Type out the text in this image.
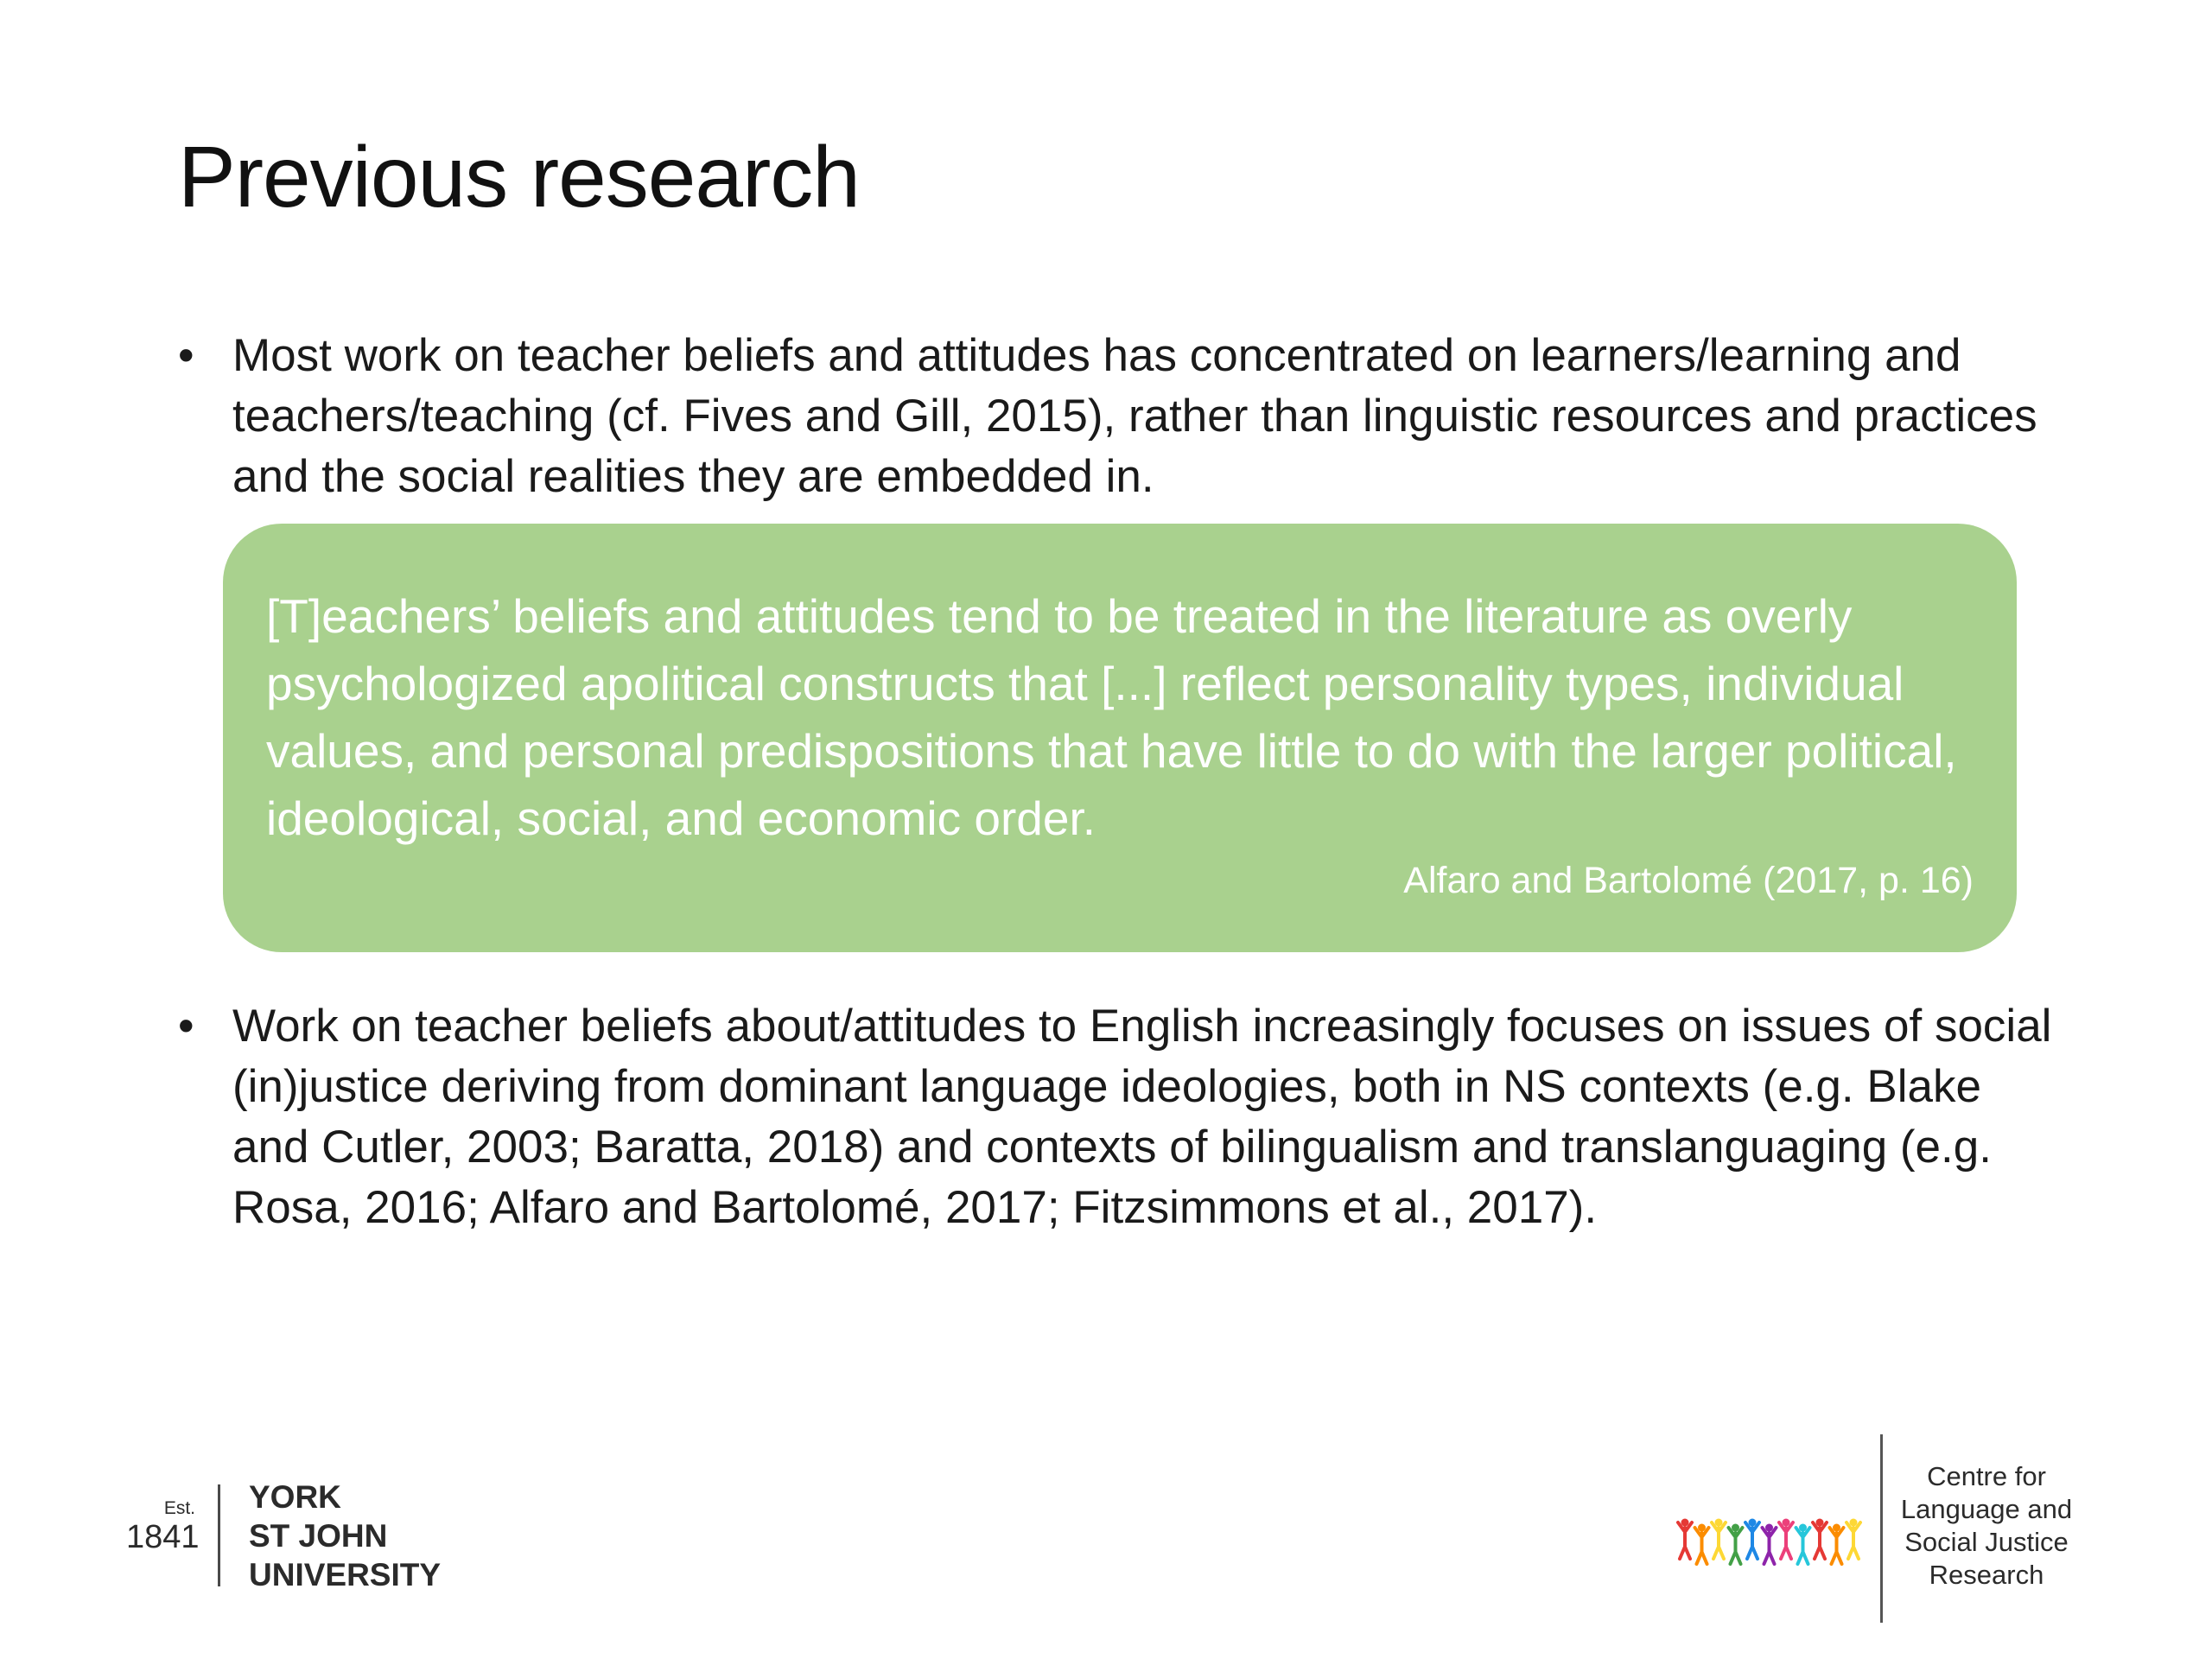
Previous research
• Most work on teacher beliefs and attitudes has concentrated on learners/learning and teachers/teaching (cf. Fives and Gill, 2015), rather than linguistic resources and practices and the social realities they are embedded in.

[T]eachers’ beliefs and attitudes tend to be treated in the literature as overly psychologized apolitical constructs that [...] reflect personality types, individual values, and personal predispositions that have little to do with the larger political, ideological, social, and economic order.

Alfaro and Bartolomé (2017, p. 16)

• Work on teacher beliefs about/attitudes to English increasingly focuses on issues of social (in)justice deriving from dominant language ideologies, both in NS contexts (e.g. Blake and Cutler, 2003; Baratta, 2018) and contexts of bilingualism and translanguaging (e.g. Rosa, 2016; Alfaro and Bartolomé, 2017; Fitzsimmons et al., 2017).

Est.
1841
YORK
ST JOHN
UNIVERSITY
Centre for
Language and
Social Justice
Research
